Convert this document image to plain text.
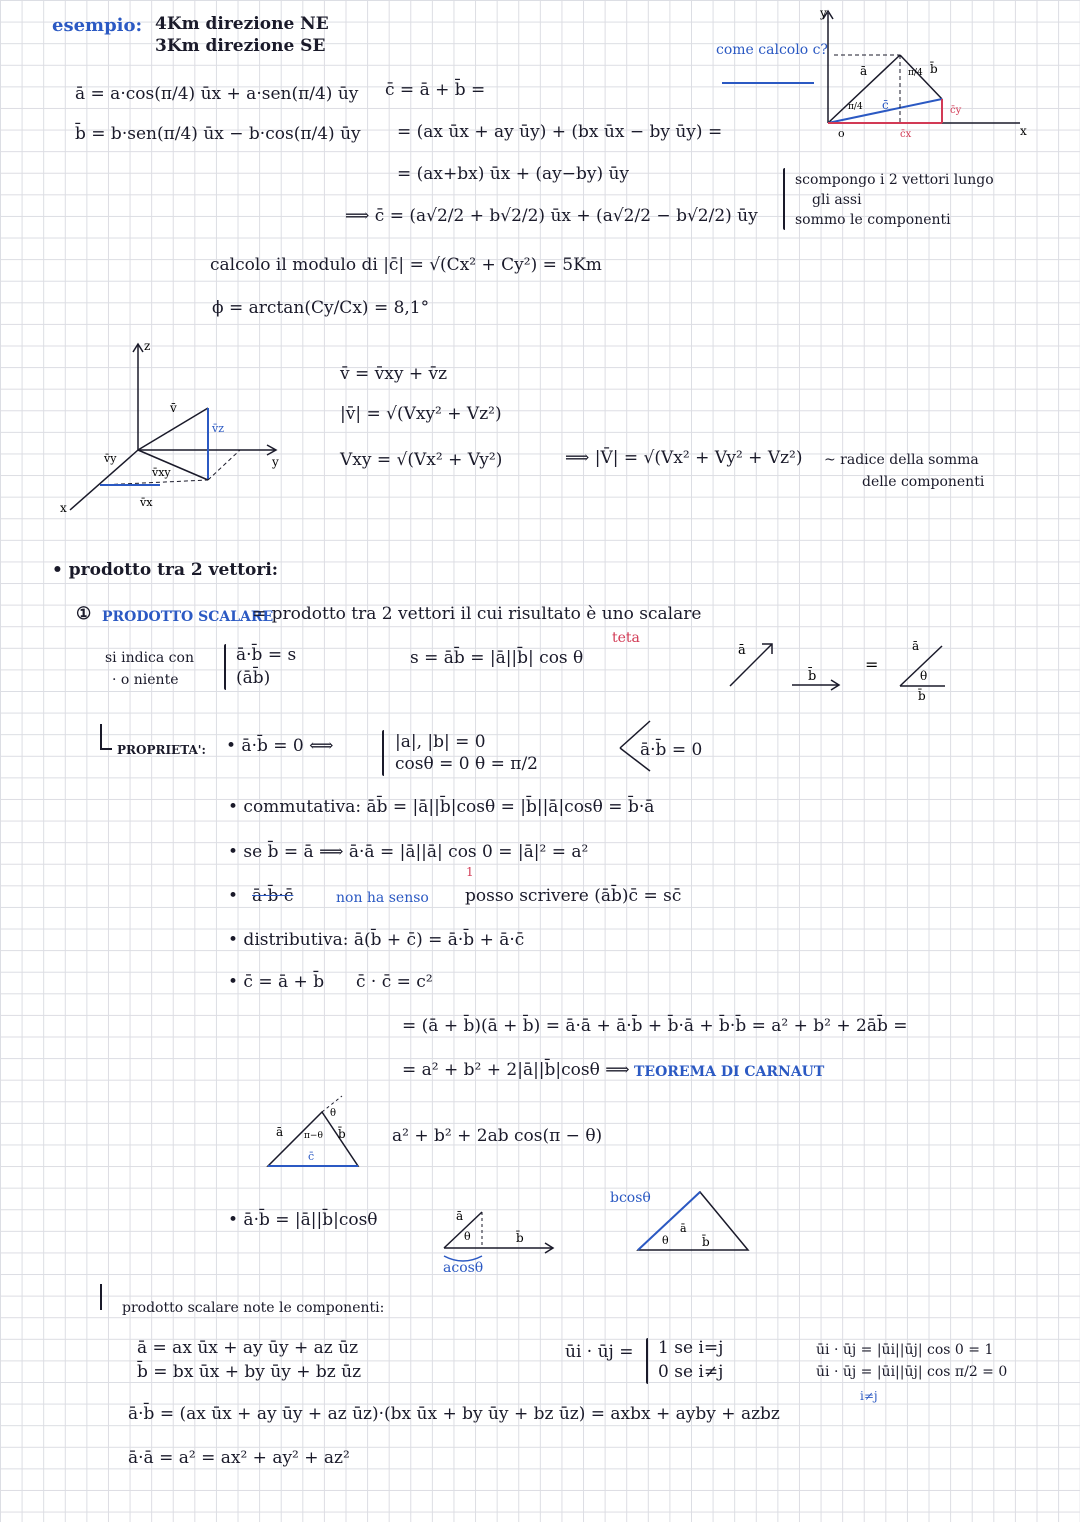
esempio: 4Km direzione NE
3Km direzione SE
ā = a·cos(π/4) ūx + a·sen(π/4) ūy
b̄ = b·sen(π/4) ūx − b·cos(π/4) ūy
c̄ = ā + b̄ =
= (ax ūx + ay ūy) + (bx ūx − by ūy) =
= (ax+bx) ūx + (ay−by) ūy
⟹ c̄ = (a√2/2 + b√2/2) ūx + (a√2/2 − b√2/2) ūy
calcolo il modulo di |c̄| = √(Cx² + Cy²) = 5Km
ϕ = arctan(Cy/Cx) = 8,1°
come calcolo c?
scompongo i 2 vettori lungo
gli assi
sommo le componenti
y
x
o
ā	b̄
c̄
c̄x
c̄y
π/4
π/4
z
y
x
v̄
v̄z
v̄y
v̄x
v̄xy
v̄ = v̄xy + v̄z
|v̄| = √(Vxy² + Vz²)
Vxy = √(Vx² + Vy²)	⟹ |V̄| = √(Vx² + Vy² + Vz²) ~ radice della somma
delle componenti
• prodotto tra 2 vettori:
① PRODOTTO SCALARE
= prodotto tra 2 vettori il cui risultato è uno scalare
si indica con
· o niente
ā·b̄ = s
(āb̄)
s = āb̄ = |ā||b̄| cos θ
teta
ā
b̄
=
ā
b̄
θ
PROPRIETA': • ā·b̄ = 0 ⟺	|a|, |b| = 0
cosθ = 0 θ = π/2
ā·b̄ = 0
• commutativa: āb̄ = |ā||b̄|cosθ = |b̄||ā|cosθ = b̄·ā
• se b̄ = ā ⟹ ā·ā = |ā||ā| cos 0 = |ā|² = a²
1
• ā·b̄·c̄	non ha senso posso scrivere (āb̄)c̄ = sc̄
• distributiva: ā(b̄ + c̄) = ā·b̄ + ā·c̄
• c̄ = ā + b̄ c̄ · c̄ = c²
= (ā + b̄)(ā + b̄) = ā·ā + ā·b̄ + b̄·ā + b̄·b̄ = a² + b² + 2āb̄ =
= a² + b² + 2|ā||b̄|cosθ ⟹ TEOREMA DI CARNAUT
ā	b̄
c̄
θ
π−θ	a² + b² + 2ab cos(π − θ)
• ā·b̄ = |ā||b̄|cosθ	ā
b̄
θ
acosθ
bcosθ
ā
b̄
θ
prodotto scalare note le componenti:
ā = ax ūx + ay ūy + az ūz
b̄ = bx ūx + by ūy + bz ūz
ūi · ūj = 1 se i=j
0 se i≠j
ūi · ūj = |ūi||ūj| cos 0 = 1
ūi · ūj = |ūi||ūj| cos π/2 = 0
i≠j
ā·b̄ = (ax ūx + ay ūy + az ūz)·(bx ūx + by ūy + bz ūz) = axbx + ayby + azbz
ā·ā = a² = ax² + ay² + az²
